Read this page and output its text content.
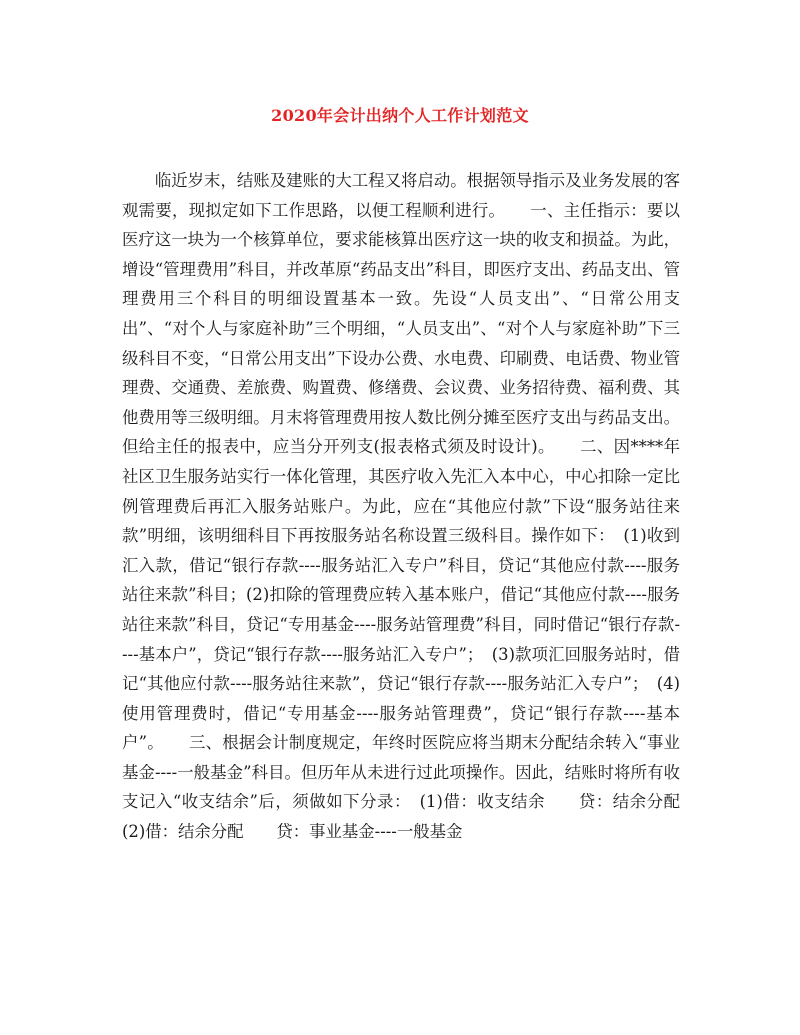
2020年会计出纳个人工作计划范文

　　临近岁末，结账及建账的大工程又将启动。根据领导指示及业务发展的客观需要，现拟定如下工作思路，以便工程顺利进行。　　一、主任指示：要以医疗这一块为一个核算单位，要求能核算出医疗这一块的收支和损益。为此，增设“管理费用”科目，并改革原“药品支出”科目，即医疗支出、药品支出、管理费用三个科目的明细设置基本一致。先设“人员支出”、“日常公用支出”、“对个人与家庭补助”三个明细，“人员支出”、“对个人与家庭补助”下三级科目不变，“日常公用支出”下设办公费、水电费、印刷费、电话费、物业管理费、交通费、差旅费、购置费、修缮费、会议费、业务招待费、福利费、其他费用等三级明细。月末将管理费用按人数比例分摊至医疗支出与药品支出。但给主任的报表中，应当分开列支(报表格式须及时设计)。　　二、因****年社区卫生服务站实行一体化管理，其医疗收入先汇入本中心，中心扣除一定比例管理费后再汇入服务站账户。为此，应在“其他应付款”下设“服务站往来款”明细，该明细科目下再按服务站名称设置三级科目。操作如下：　(1)收到汇入款，借记“银行存款----服务站汇入专户”科目，贷记“其他应付款----服务站往来款”科目；(2)扣除的管理费应转入基本账户，借记“其他应付款----服务站往来款”科目，贷记“专用基金----服务站管理费”科目，同时借记“银行存款----基本户”，贷记“银行存款----服务站汇入专户”；　(3)款项汇回服务站时，借记“其他应付款----服务站往来款”，贷记“银行存款----服务站汇入专户”；　(4)使用管理费时，借记“专用基金----服务站管理费”，贷记“银行存款----基本户”。　　三、根据会计制度规定，年终时医院应将当期末分配结余转入“事业基金----一般基金”科目。但历年从未进行过此项操作。因此，结账时将所有收支记入“收支结余”后，须做如下分录：　(1)借：收支结余　　贷：结余分配　(2)借：结余分配　　贷：事业基金----一般基金
